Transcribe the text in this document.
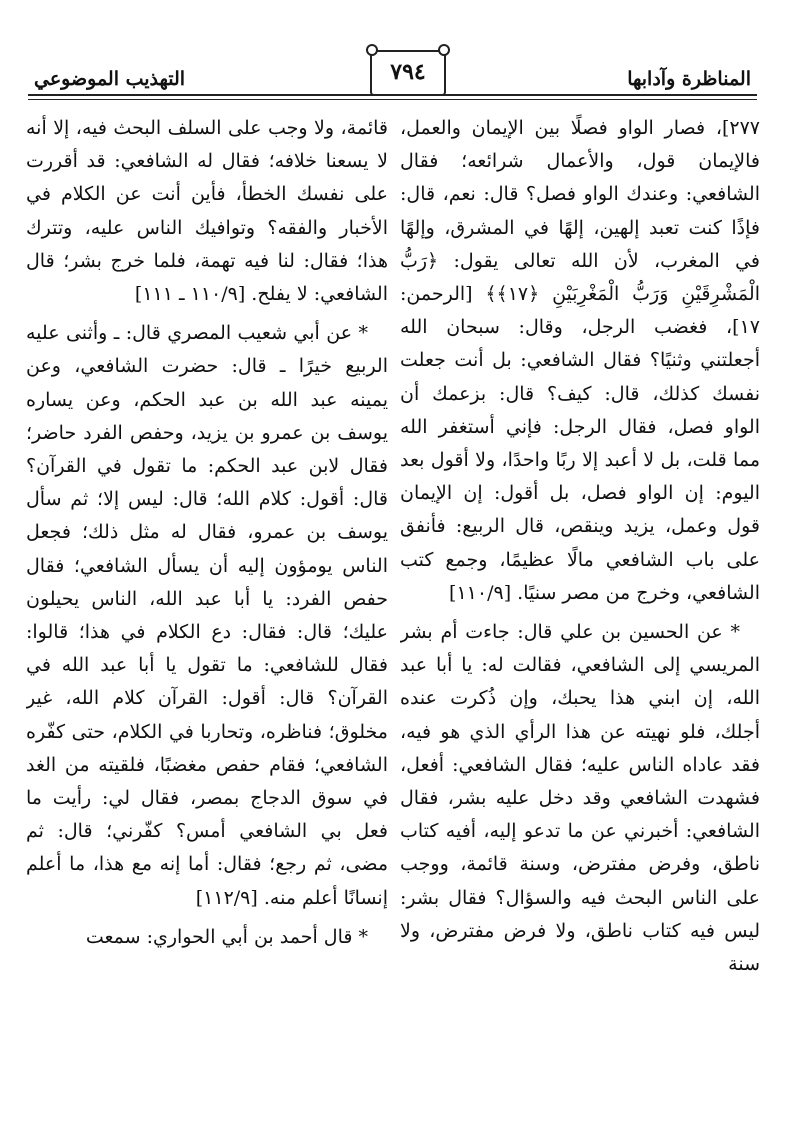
المناظرة وآدابها
٧٩٤
التهذيب الموضوعي

٢٧٧]، فصار الواو فصلًا بين الإيمان والعمل، فالإيمان قول، والأعمال شرائعه؛ فقال الشافعي: وعندك الواو فصل؟ قال: نعم، قال: فإذًا كنت تعبد إلهين، إلهًا في المشرق، وإلهًا في المغرب، لأن الله تعالى يقول: ﴿رَبُّ الْمَشْرِقَيْنِ وَرَبُّ الْمَغْرِبَيْنِ ﴿١٧﴾﴾ [الرحمن: ١٧]، فغضب الرجل، وقال: سبحان الله أجعلتني وثنيًا؟ فقال الشافعي: بل أنت جعلت نفسك كذلك، قال: كيف؟ قال: بزعمك أن الواو فصل، فقال الرجل: فإني أستغفر الله مما قلت، بل لا أعبد إلا ربًا واحدًا، ولا أقول بعد اليوم: إن الواو فصل، بل أقول: إن الإيمان قول وعمل، يزيد وينقص، قال الربيع: فأنفق على باب الشافعي مالًا عظيمًا، وجمع كتب الشافعي، وخرج من مصر سنيًا. [١١٠/٩]

* عن الحسين بن علي قال: جاءت أم بشر المريسي إلى الشافعي، فقالت له: يا أبا عبد الله، إن ابني هذا يحبك، وإن ذُكرت عنده أجلك، فلو نهيته عن هذا الرأي الذي هو فيه، فقد عاداه الناس عليه؛ فقال الشافعي: أفعل، فشهدت الشافعي وقد دخل عليه بشر، فقال الشافعي: أخبرني عن ما تدعو إليه، أفيه كتاب ناطق، وفرض مفترض، وسنة قائمة، ووجب على الناس البحث فيه والسؤال؟ فقال بشر: ليس فيه كتاب ناطق، ولا فرض مفترض، ولا سنة

قائمة، ولا وجب على السلف البحث فيه، إلا أنه لا يسعنا خلافه؛ فقال له الشافعي: قد أقررت على نفسك الخطأ، فأين أنت عن الكلام في الأخبار والفقه؟ وتوافيك الناس عليه، وتترك هذا؛ فقال: لنا فيه تهمة، فلما خرج بشر؛ قال الشافعي: لا يفلح. [١١٠/٩ ـ ١١١]

* عن أبي شعيب المصري قال: ـ وأثنى عليه الربيع خيرًا ـ قال: حضرت الشافعي، وعن يمينه عبد الله بن عبد الحكم، وعن يساره يوسف بن عمرو بن يزيد، وحفص الفرد حاضر؛ فقال لابن عبد الحكم: ما تقول في القرآن؟ قال: أقول: كلام الله؛ قال: ليس إلا؛ ثم سأل يوسف بن عمرو، فقال له مثل ذلك؛ فجعل الناس يومؤون إليه أن يسأل الشافعي؛ فقال حفص الفرد: يا أبا عبد الله، الناس يحيلون عليك؛ قال: فقال: دع الكلام في هذا؛ قالوا: فقال للشافعي: ما تقول يا أبا عبد الله في القرآن؟ قال: أقول: القرآن كلام الله، غير مخلوق؛ فناظره، وتحاربا في الكلام، حتى كفّره الشافعي؛ فقام حفص مغضبًا، فلقيته من الغد في سوق الدجاج بمصر، فقال لي: رأيت ما فعل بي الشافعي أمس؟ كفّرني؛ قال: ثم مضى، ثم رجع؛ فقال: أما إنه مع هذا، ما أعلم إنسانًا أعلم منه. [١١٢/٩]

* قال أحمد بن أبي الحواري: سمعت
